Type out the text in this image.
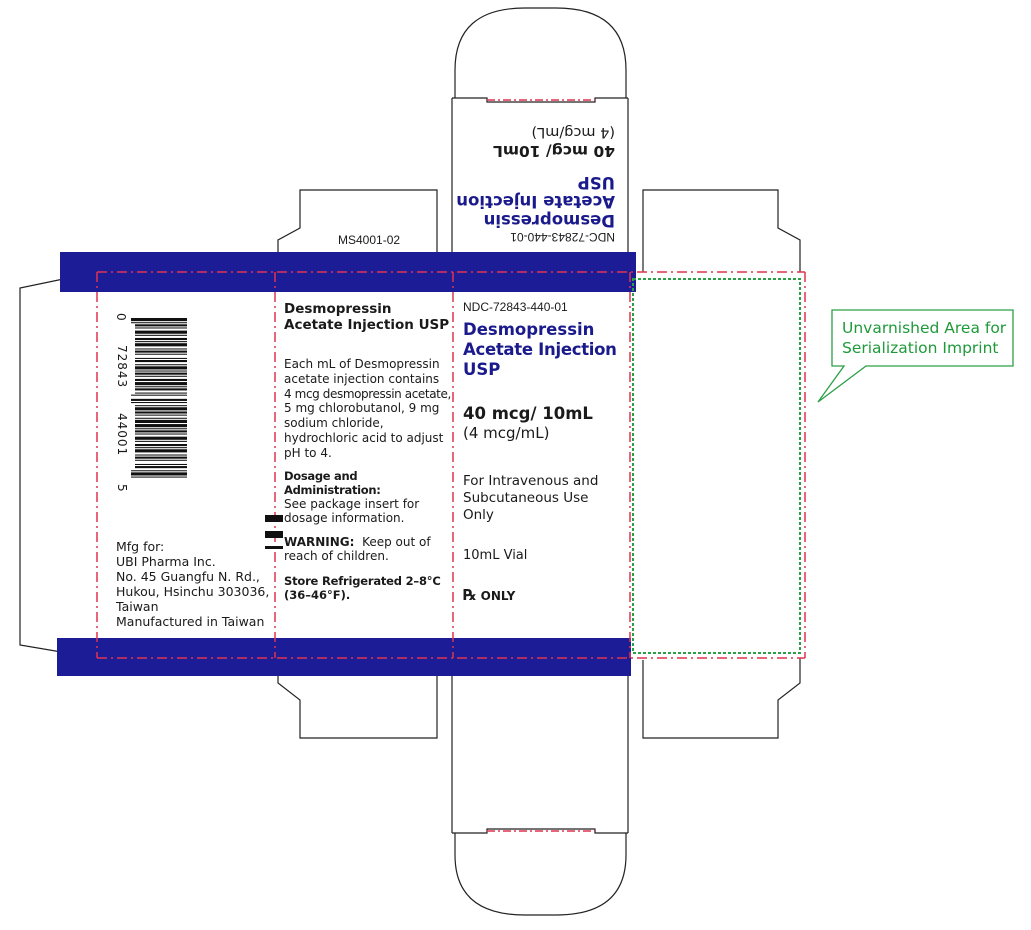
NDC-72843-440-01
Desmopressin
Acetate Injection
USP
40 mcg/ 10mL
(4 mcg/mL)
MS4001-02
0
72843
44001
5
Mfg for:
UBI Pharma Inc.
No. 45 Guangfu N. Rd.,
Hukou, Hsinchu 303036,
Taiwan
Manufactured in Taiwan
Desmopressin
Acetate Injection USP
Each mL of Desmopressin
acetate injection contains
4 mcg desmopressin acetate,
5 mg chlorobutanol, 9 mg
sodium chloride,
hydrochloric acid to adjust
pH to 4.
Dosage and Administration:
See package insert for
dosage information.
WARNING: Keep out of
reach of children.
Store Refrigerated 2–8°C
(36–46°F).
NDC-72843-440-01
Desmopressin
Acetate Injection
USP
40 mcg/ 10mL
(4 mcg/mL)
For Intravenous and
Subcutaneous Use
Only
10mL Vial
℞ ONLY
Unvarnished Area for
Serialization Imprint
